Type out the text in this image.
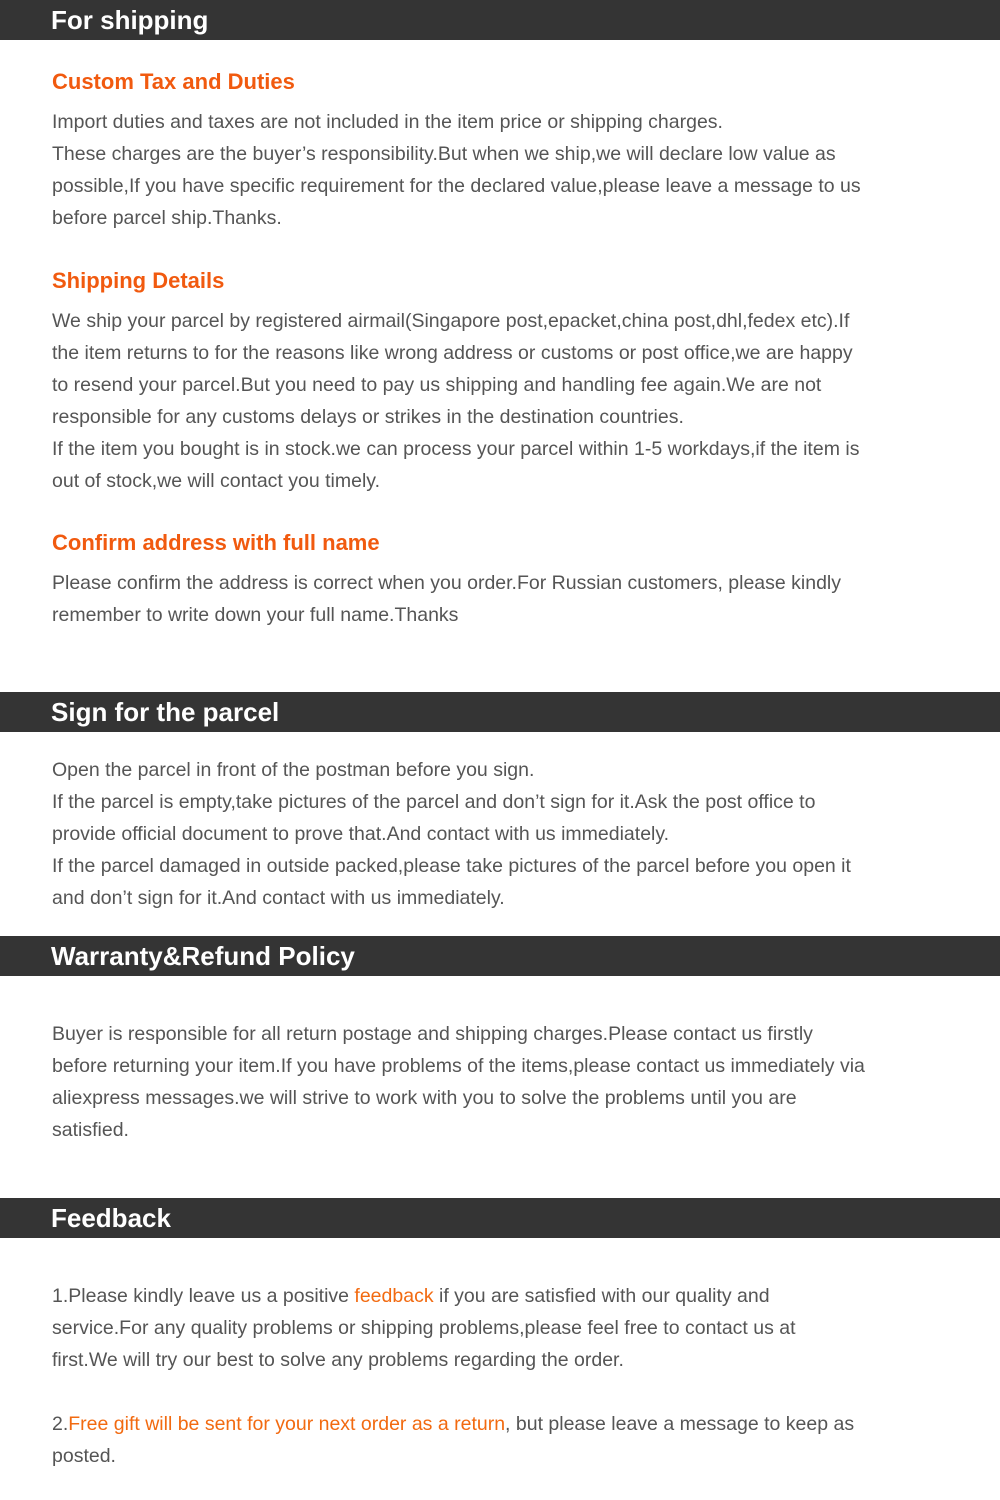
For shipping
Custom Tax and Duties
Import duties and taxes are not included in the item price or shipping charges.
These charges are the buyer’s responsibility.But when we ship,we will declare low value as
possible,If you have specific requirement for the declared value,please leave a message to us
before parcel ship.Thanks.
Shipping Details
We ship your parcel by registered airmail(Singapore post,epacket,china post,dhl,fedex etc).If
the item returns to for the reasons like wrong address or customs or post office,we are happy
to resend your parcel.But you need to pay us shipping and handling fee again.We are not
responsible for any customs delays or strikes in the destination countries.
If the item you bought is in stock.we can process your parcel within 1-5 workdays,if the item is
out of stock,we will contact you timely.
Confirm address with full name
Please confirm the address is correct when you order.For Russian customers, please kindly
remember to write down your full name.Thanks
Sign for the parcel
Open the parcel in front of the postman before you sign.
If the parcel is empty,take pictures of the parcel and don’t sign for it.Ask the post office to
provide official document to prove that.And contact with us immediately.
If the parcel damaged in outside packed,please take pictures of the parcel before you open it
and don’t sign for it.And contact with us immediately.
Warranty&Refund Policy
Buyer is responsible for all return postage and shipping charges.Please contact us firstly
before returning your item.If you have problems of the items,please contact us immediately via
aliexpress messages.we will strive to work with you to solve the problems until you are
satisfied.
Feedback
1.Please kindly leave us a positive feedback if you are satisfied with our quality and
service.For any quality problems or shipping problems,please feel free to contact us at
first.We will try our best to solve any problems regarding the order.
2.Free gift will be sent for your next order as a return, but please leave a message to keep as
posted.
